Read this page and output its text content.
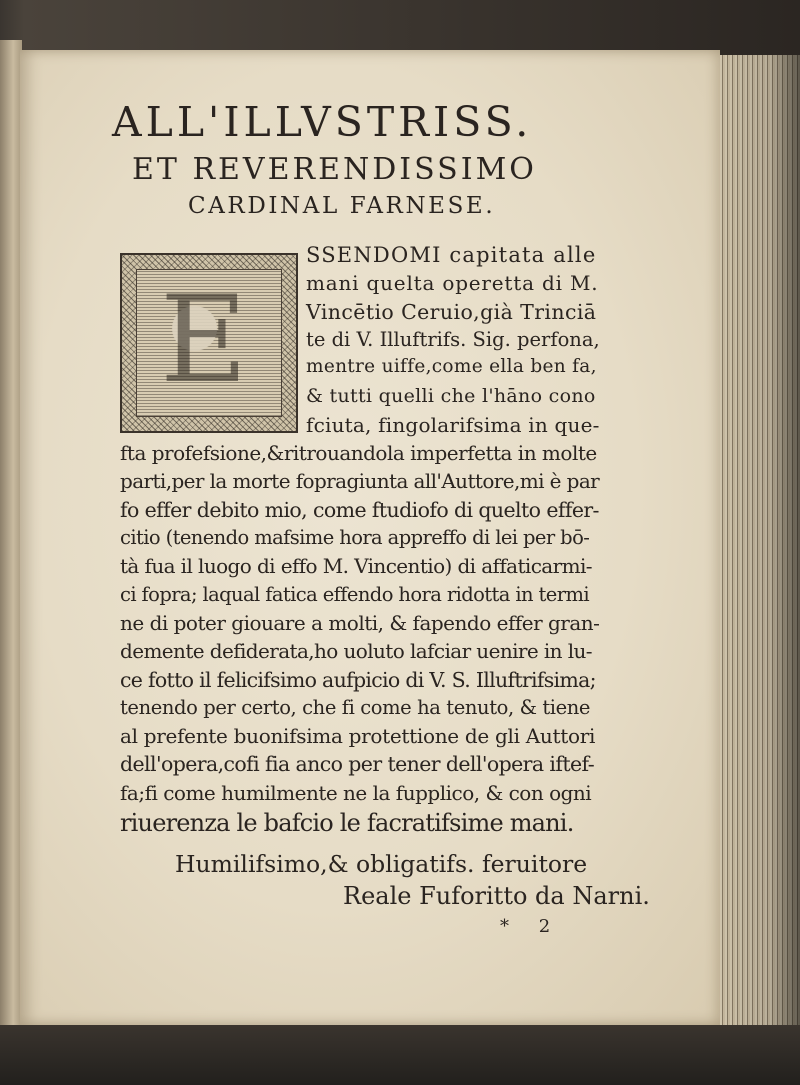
ALL'ILLVSTRISS.
ET REVERENDISSIMO
CARDINAL FARNESE.
E
SSENDOMI capitata alle
mani quelta operetta di M.
Vincētio Ceruio,già Trinciā
te di V. Illuftrifs. Sig. perfona,
mentre uiffe,come ella ben fa,
& tutti quelli che l'hāno cono
fciuta, fingolarifsima in que-
fta profefsione,&ritrouandola imperfetta in molte
parti,per la morte fopragiunta all'Auttore,mi è par
fo effer debito mio, come ftudiofo di quelto effer-
citio (tenendo mafsime hora appreffo di lei per bō-
tà fua il luogo di effo M. Vincentio) di affaticarmi-
ci fopra; laqual fatica effendo hora ridotta in termi
ne di poter giouare a molti, & fapendo effer gran-
demente defiderata,ho uoluto lafciar uenire in lu-
ce fotto il felicifsimo aufpicio di V. S. Illuftrifsima;
tenendo per certo, che fi come ha tenuto, & tiene
al prefente buonifsima protettione de gli Auttori
dell'opera,cofi fia anco per tener dell'opera iftef-
fa;fi come humilmente ne la fupplico, & con ogni
riuerenza le bafcio le facratifsime mani.
Humilifsimo,& obligatifs. feruitore
Reale Fuforitto da Narni.
* 2
